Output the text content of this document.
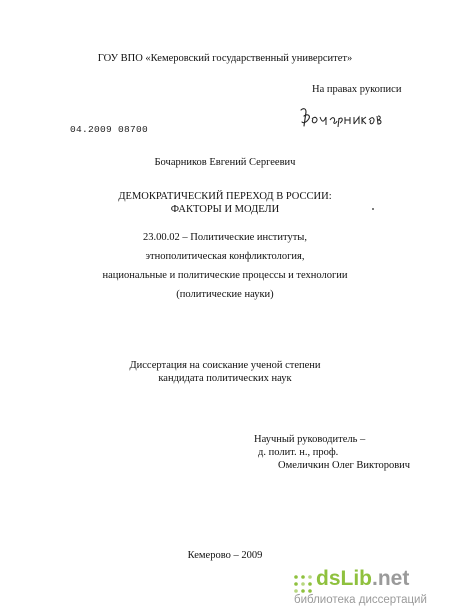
ГОУ ВПО «Кемеровский государственный университет»

На правах рукописи

04.2009 08700

Бочарников Евгений Сергеевич

ДЕМОКРАТИЧЕСКИЙ ПЕРЕХОД В РОССИИ:
ФАКТОРЫ И МОДЕЛИ
23.00.02 – Политические институты,
этнополитическая конфликтология,
национальные и политические процессы и технологии
(политические науки)
Диссертация на соискание ученой степени
кандидата политических наук
Научный руководитель –
д. полит. н., проф.
Омеличкин Олег Викторович

Кемерово – 2009

dsLib.net
библиотека диссертаций
